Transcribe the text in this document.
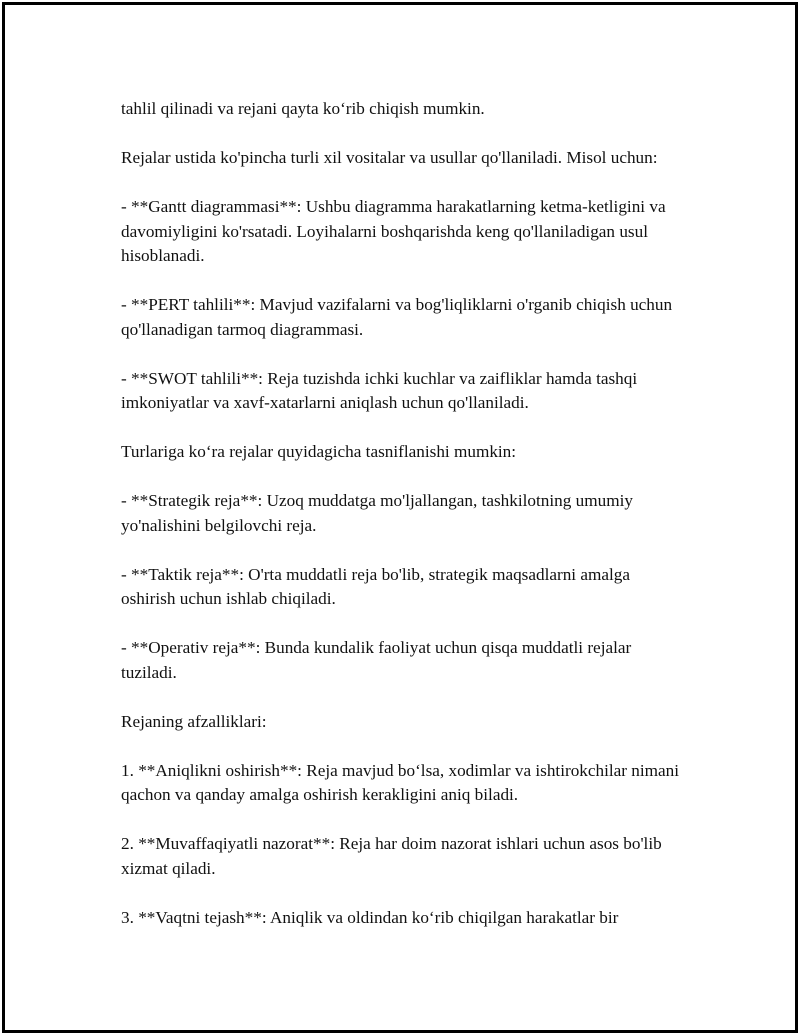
tahlil qilinadi va rejani qayta ko‘rib chiqish mumkin.

Rejalar ustida ko'pincha turli xil vositalar va usullar qo'llaniladi. Misol uchun:

- **Gantt diagrammasi**: Ushbu diagramma harakatlarning ketma-ketligini va davomiyligini ko'rsatadi. Loyihalarni boshqarishda keng qo'llaniladigan usul hisoblanadi.

- **PERT tahlili**: Mavjud vazifalarni va bog'liqliklarni o'rganib chiqish uchun qo'llanadigan tarmoq diagrammasi.

- **SWOT tahlili**: Reja tuzishda ichki kuchlar va zaifliklar hamda tashqi imkoniyatlar va xavf-xatarlarni aniqlash uchun qo'llaniladi.

Turlariga ko‘ra rejalar quyidagicha tasniflanishi mumkin:

- **Strategik reja**: Uzoq muddatga mo'ljallangan, tashkilotning umumiy yo'nalishini belgilovchi reja.

- **Taktik reja**: O'rta muddatli reja bo'lib, strategik maqsadlarni amalga oshirish uchun ishlab chiqiladi.

- **Operativ reja**: Bunda kundalik faoliyat uchun qisqa muddatli rejalar tuziladi.

Rejaning afzalliklari:

1. **Aniqlikni oshirish**: Reja mavjud bo‘lsa, xodimlar va ishtirokchilar nimani qachon va qanday amalga oshirish kerakligini aniq biladi.

2. **Muvaffaqiyatli nazorat**: Reja har doim nazorat ishlari uchun asos bo'lib xizmat qiladi.

3. **Vaqtni tejash**: Aniqlik va oldindan ko‘rib chiqilgan harakatlar bir
